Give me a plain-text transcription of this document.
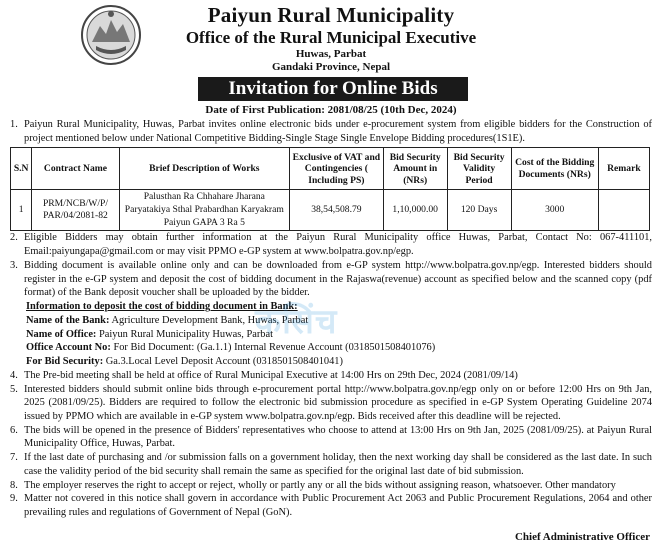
Paiyun Rural Municipality
Office of the Rural Municipal Executive
Huwas, Parbat
Gandaki Province, Nepal
Invitation for Online Bids
Date of First Publication: 2081/08/25 (10th Dec, 2024)
1. Paiyun Rural Municipality, Huwas, Parbat invites online electronic bids under e-procurement system from eligible bidders for the Construction of project mentioned below under National Competitive Bidding-Single Stage Single Envelope Bidding procedures(1S1E).
S.N	Contract Name	Brief Description of Works	Exclusive of VAT and Contingencies ( Including PS)	Bid Security Amount in (NRs)	Bid Security Validity Period	Cost of the Bidding Documents (NRs)	Remark
1	PRM/NCB/W/P/ PAR/04/2081-82	Palusthan Ra Chhahare Jharana Paryatakiya Sthal Prabardhan Karyakram Paiyun GAPA 3 Ra 5	38,54,508.79	1,10,000.00	120 Days	3000	
2. Eligible Bidders may obtain further information at the Paiyun Rural Municipality office Huwas, Parbat, Contact No: 067-411101, Email:paiyungapa@gmail.com or may visit PPMO e-GP system at www.bolpatra.gov.np/egp.
3. Bidding document is available online only and can be downloaded from e-GP system http://www.bolpatra.gov.np/egp. Interested bidders should register in the e-GP system and deposit the cost of bidding document in the Rajaswa(revenue) account as specified below and the scanned copy (pdf format) of the Bank deposit voucher shall be uploaded by the bidder.
Information to deposit the cost of bidding document in Bank:
Name of the Bank: Agriculture Development Bank, Huwas, Parbat
Name of Office: Paiyun Rural Municipality Huwas, Parbat
Office Account No: For Bid Document: (Ga.1.1) Internal Revenue Account (0318501508401076)
For Bid Security: Ga.3.Local Level Deposit Account (0318501508401041)
4. The Pre-bid meeting shall be held at office of Rural Municipal Executive at 14:00 Hrs on 29th Dec, 2024 (2081/09/14)
5. Interested bidders should submit online bids through e-procurement portal http://www.bolpatra.gov.np/egp only on or before 12:00 Hrs on 9th Jan, 2025 (2081/09/25). Bidders are required to follow the electronic bid submission procedure as specified in e-GP System Operating Guideline 2074 issued by PPMO which are available in e-GP system www.bolpatra.gov.np/egp. Bids received after this deadline will be rejected.
6. The bids will be opened in the presence of Bidders' representatives who choose to attend at 13:00 Hrs on 9th Jan, 2025 (2081/09/25). at Paiyun Rural Municipality Office, Huwas, Parbat.
7. If the last date of purchasing and /or submission falls on a government holiday, then the next working day shall be considered as the last date. In such case the validity period of the bid security shall remain the same as specified for the original last date of bid submission.
8. The employer reserves the right to accept or reject, wholly or partly any or all the bids without assigning reason, whatsoever. Other mandatory
9. Matter not covered in this notice shall govern in accordance with Public Procurement Act 2063 and Public Procurement Regulations, 2064 and other prevailing rules and regulations of Government of Nepal (GoN).
कसिंच
Chief Administrative Officer
